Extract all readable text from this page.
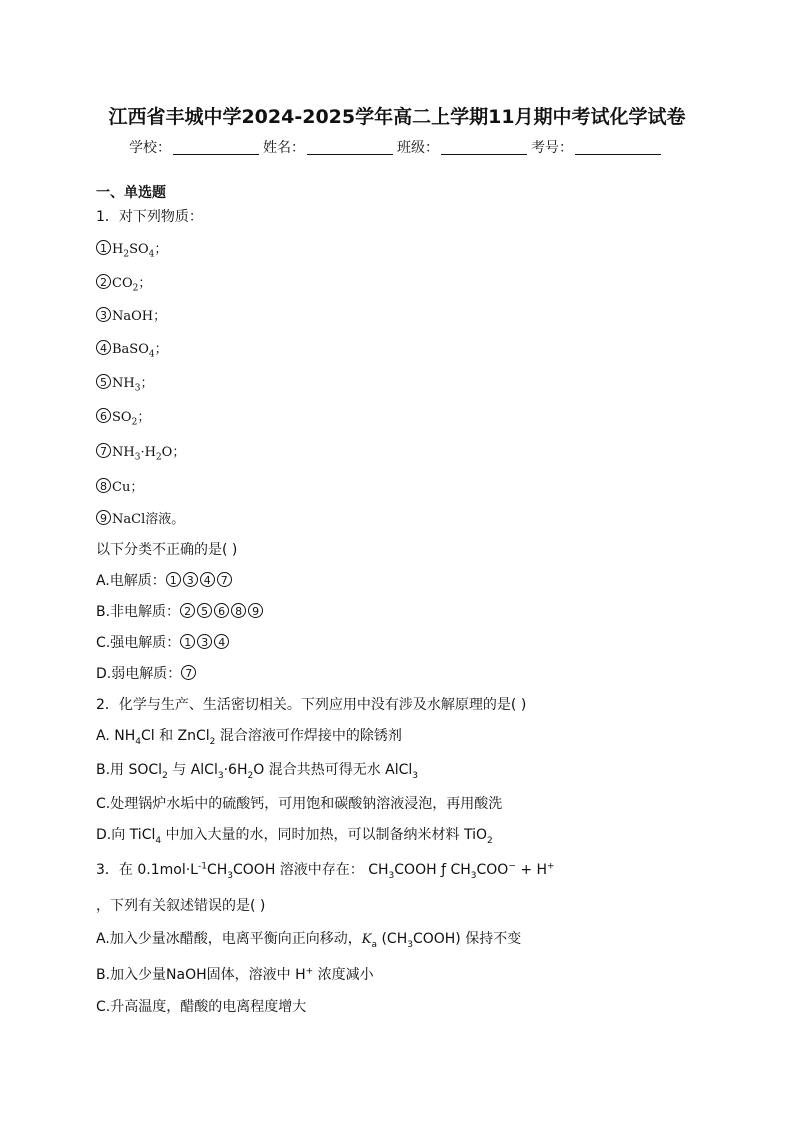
江西省丰城中学2024-2025学年高二上学期11月期中考试化学试卷
学校：	姓名：	班级：	考号：
一、单选题
1．对下列物质：
1 $H_2SO_4$；
2 $CO_2$；
3 NaOH；
4 BaSO$_4$；
5 $NH_3$；
6 $SO_2$；
7 $NH_3\cdot H_2O$；
8 Cu；
9 NaCl溶液。
以下分类不正确的是( )
A.电解质： 1 3 4 7
B.非电解质： 2 5 6 8 9
C.强电解质： 1 3 4
D.弱电解质： 7
2．化学与生产、生活密切相关。下列应用中没有涉及水解原理的是( )
A. $NH_4Cl$ 和 ZnCl$_2$ 混合溶液可作焊接中的除锈剂
B.用 SOCl$_2$ 与 $AlCl_3\cdot 6H_2O$ 混合共热可得无水 AlCl$_3$
C.处理锅炉水垢中的硫酸钙，可用饱和碳酸钠溶液浸泡，再用酸洗
D.向 TiCl$_4$ 中加入大量的水，同时加热，可以制备纳米材料 TiO$_2$
3．在 $0.1mol\cdot L^{-1}CH_3COOH$ 溶液中存在： $CH_3COOH$ ƒ $CH_3COO^- + H^+$
，下列有关叙述错误的是( )
A.加入少量冰醋酸，电离平衡向正向移动，$K_a$ $(CH_3COOH)$ 保持不变
B.加入少量NaOH固体，溶液中 H+ 浓度减小
C.升高温度，醋酸的电离程度增大
